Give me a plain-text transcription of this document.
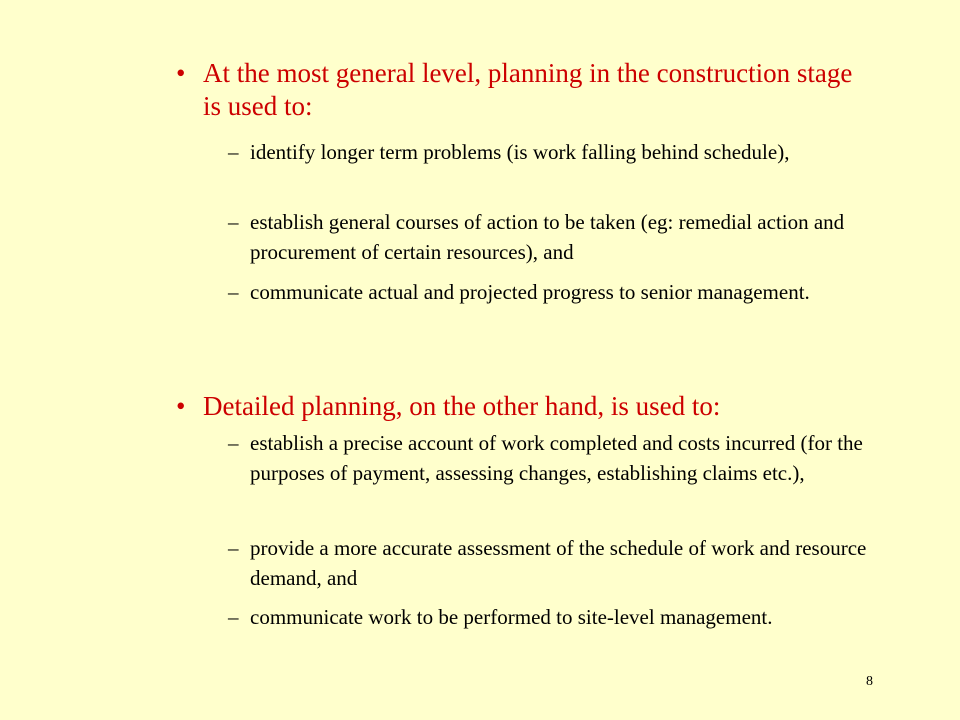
• At the most general level, planning in the construction stage is used to:
– identify longer term problems (is work falling behind schedule),
– establish general courses of action to be taken (eg: remedial action and procurement of certain resources), and
– communicate actual and projected progress to senior management.
• Detailed planning, on the other hand, is used to:
– establish a precise account of work completed and costs incurred (for the purposes of payment, assessing changes, establishing claims etc.),
– provide a more accurate assessment of the schedule of work and resource demand, and
– communicate work to be performed to site-level management.
8
